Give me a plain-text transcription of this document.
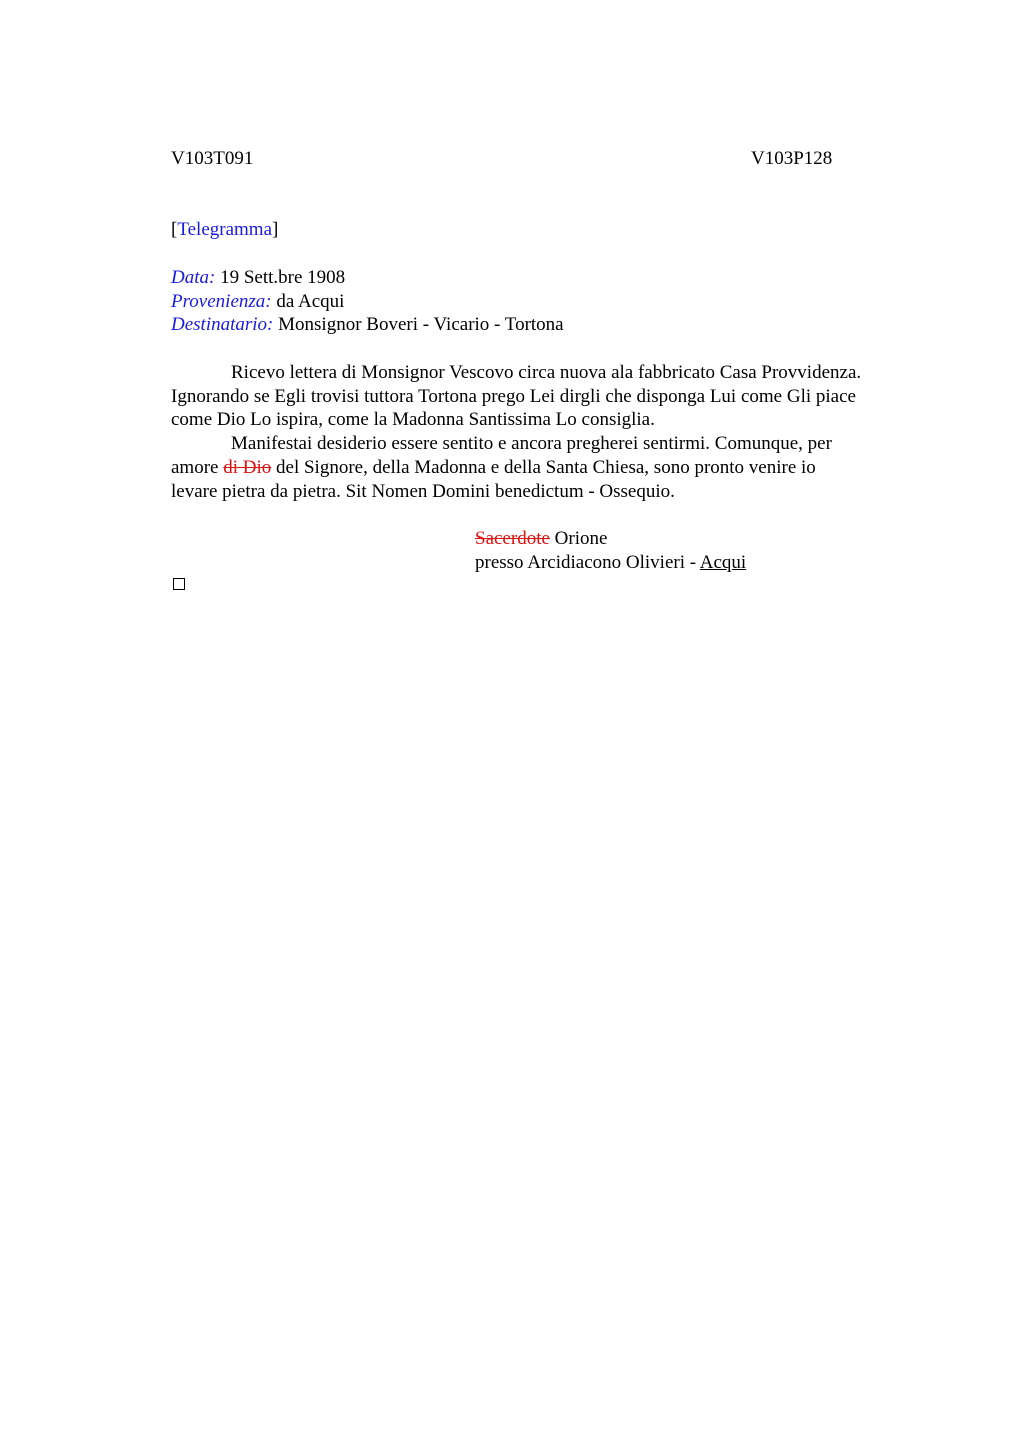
V103T091	V103P128
[Telegramma]
Data: 19 Sett.bre 1908
Provenienza: da Acqui
Destinatario: Monsignor Boveri - Vicario - Tortona
Ricevo lettera di Monsignor Vescovo circa nuova ala fabbricato Casa Provvidenza.
Ignorando se Egli trovisi tuttora Tortona prego Lei dirgli che disponga Lui come Gli piace
come Dio Lo ispira, come la Madonna Santissima Lo consiglia.
Manifestai desiderio essere sentito e ancora pregherei sentirmi. Comunque, per
amore di Dio del Signore, della Madonna e della Santa Chiesa, sono pronto venire io
levare pietra da pietra. Sit Nomen Domini benedictum - Ossequio.
Sacerdote Orione
presso Arcidiacono Olivieri - Acqui
